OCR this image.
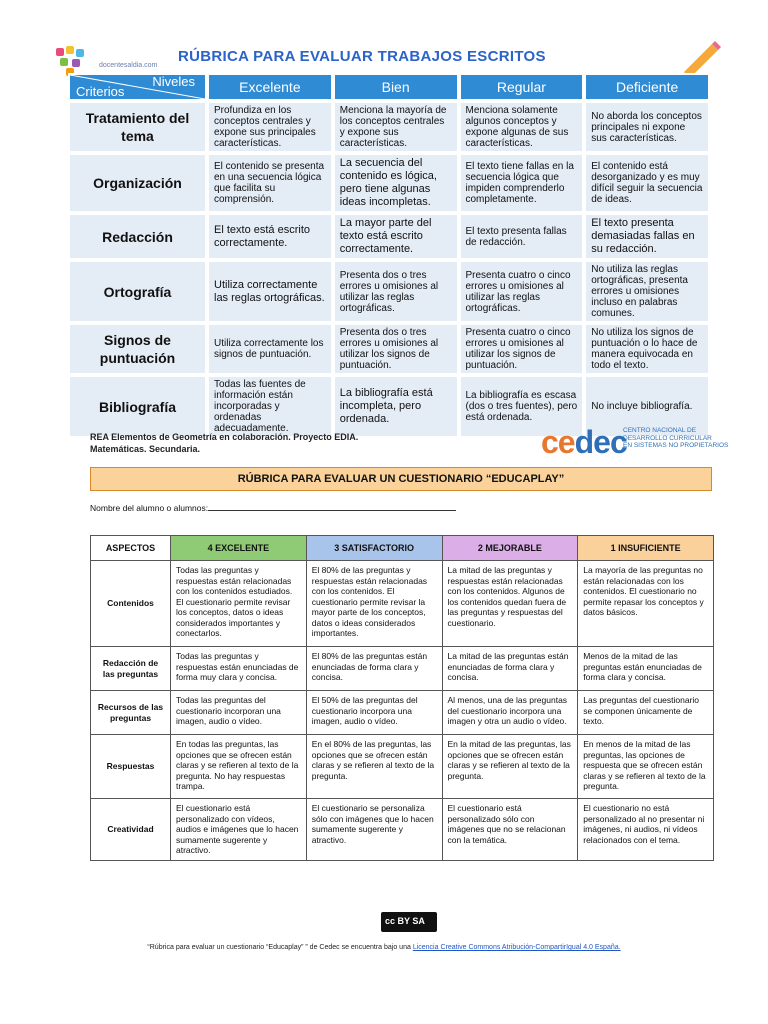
docentesaldia.com
RÚBRICA PARA EVALUAR TRABAJOS ESCRITOS
Niveles
Criterios	Excelente	Bien	Regular	Deficiente
Tratamiento del tema	Profundiza en los conceptos centrales y expone sus principales características.	Menciona la mayoría de los conceptos centrales y expone sus características.	Menciona solamente algunos conceptos y expone algunas de sus características.	No aborda los conceptos principales ni expone sus características.
Organización	El contenido se presenta en una secuencia lógica que facilita su comprensión.	La secuencia del contenido es lógica, pero tiene algunas ideas incompletas.	El texto tiene fallas en la secuencia lógica que impiden comprenderlo completamente.	El contenido está desorganizado y es muy difícil seguir la secuencia de ideas.
Redacción	El texto está escrito correctamente.	La mayor parte del texto está escrito correctamente.	El texto presenta fallas de redacción.	El texto presenta demasiadas fallas en su redacción.
Ortografía	Utiliza correctamente las reglas ortográficas.	Presenta dos o tres errores u omisiones al utilizar las reglas ortográficas.	Presenta cuatro o cinco errores u omisiones al utilizar las reglas ortográficas.	No utiliza las reglas ortográficas, presenta errores u omisiones incluso en palabras comunes.
Signos de puntuación	Utiliza correctamente los signos de puntuación.	Presenta dos o tres errores u omisiones al utilizar los signos de puntuación.	Presenta cuatro o cinco errores u omisiones al utilizar los signos de puntuación.	No utiliza los signos de puntuación o lo hace de manera equivocada en todo el texto.
Bibliografía	Todas las fuentes de información están incorporadas y ordenadas adecuadamente.	La bibliografía está incompleta, pero ordenada.	La bibliografía es escasa (dos o tres fuentes), pero está ordenada.	No incluye bibliografía.
REA Elementos de Geometría en colaboración. Proyecto EDIA.
Matemáticas. Secundaria.	cedec
CENTRO NACIONAL DE
DESARROLLO CURRICULAR
EN SISTEMAS NO PROPIETARIOS
RÚBRICA PARA EVALUAR UN CUESTIONARIO “EDUCAPLAY”
Nombre del alumno o alumnos:
ASPECTOS	4 EXCELENTE	3 SATISFACTORIO	2 MEJORABLE	1 INSUFICIENTE
Contenidos	Todas las preguntas y respuestas están relacionadas con los contenidos estudiados. El cuestionario permite revisar los conceptos, datos o ideas considerados importantes y conectarlos.	El 80% de las preguntas y respuestas están relacionadas con los contenidos. El cuestionario permite revisar la mayor parte de los conceptos, datos o ideas considerados importantes.	La mitad de las preguntas y respuestas están relacionadas con los contenidos. Algunos de los contenidos quedan fuera de las preguntas y respuestas del cuestionario.	La mayoría de las preguntas no están relacionadas con los contenidos. El cuestionario no permite repasar los conceptos y datos básicos.
Redacción de las preguntas	Todas las preguntas y respuestas están enunciadas de forma muy clara y concisa.	El 80% de las preguntas están enunciadas de forma clara y concisa.	La mitad de las preguntas están enunciadas de forma clara y concisa.	Menos de la mitad de las preguntas están enunciadas de forma clara y concisa.
Recursos de las preguntas	Todas las preguntas del cuestionario incorporan una imagen, audio o vídeo.	El 50% de las preguntas del cuestionario incorpora una imagen, audio o vídeo.	Al menos, una de las preguntas del cuestionario incorpora una imagen y otra un audio o vídeo.	Las preguntas del cuestionario se componen únicamente de texto.
Respuestas	En todas las preguntas, las opciones que se ofrecen están claras y se refieren al texto de la pregunta. No hay respuestas trampa.	En el 80% de las preguntas, las opciones que se ofrecen están claras y se refieren al texto de la pregunta.	En la mitad de las preguntas, las opciones que se ofrecen están claras y se refieren al texto de la pregunta.	En menos de la mitad de las preguntas, las opciones de respuesta que se ofrecen están claras y se refieren al texto de la pregunta.
Creatividad	El cuestionario está personalizado con vídeos, audios e imágenes que lo hacen sumamente sugerente y atractivo.	El cuestionario se personaliza sólo con imágenes que lo hacen sumamente sugerente y atractivo.	El cuestionario está personalizado sólo con imágenes que no se relacionan con la temática.	El cuestionario no está personalizado al no presentar ni imágenes, ni audios, ni vídeos relacionados con el tema.
cc BY SA
“Rúbrica para evaluar un cuestionario “Educaplay” ” de Cedec se encuentra bajo una Licencia Creative Commons Atribución-CompartirIgual 4.0 España.
